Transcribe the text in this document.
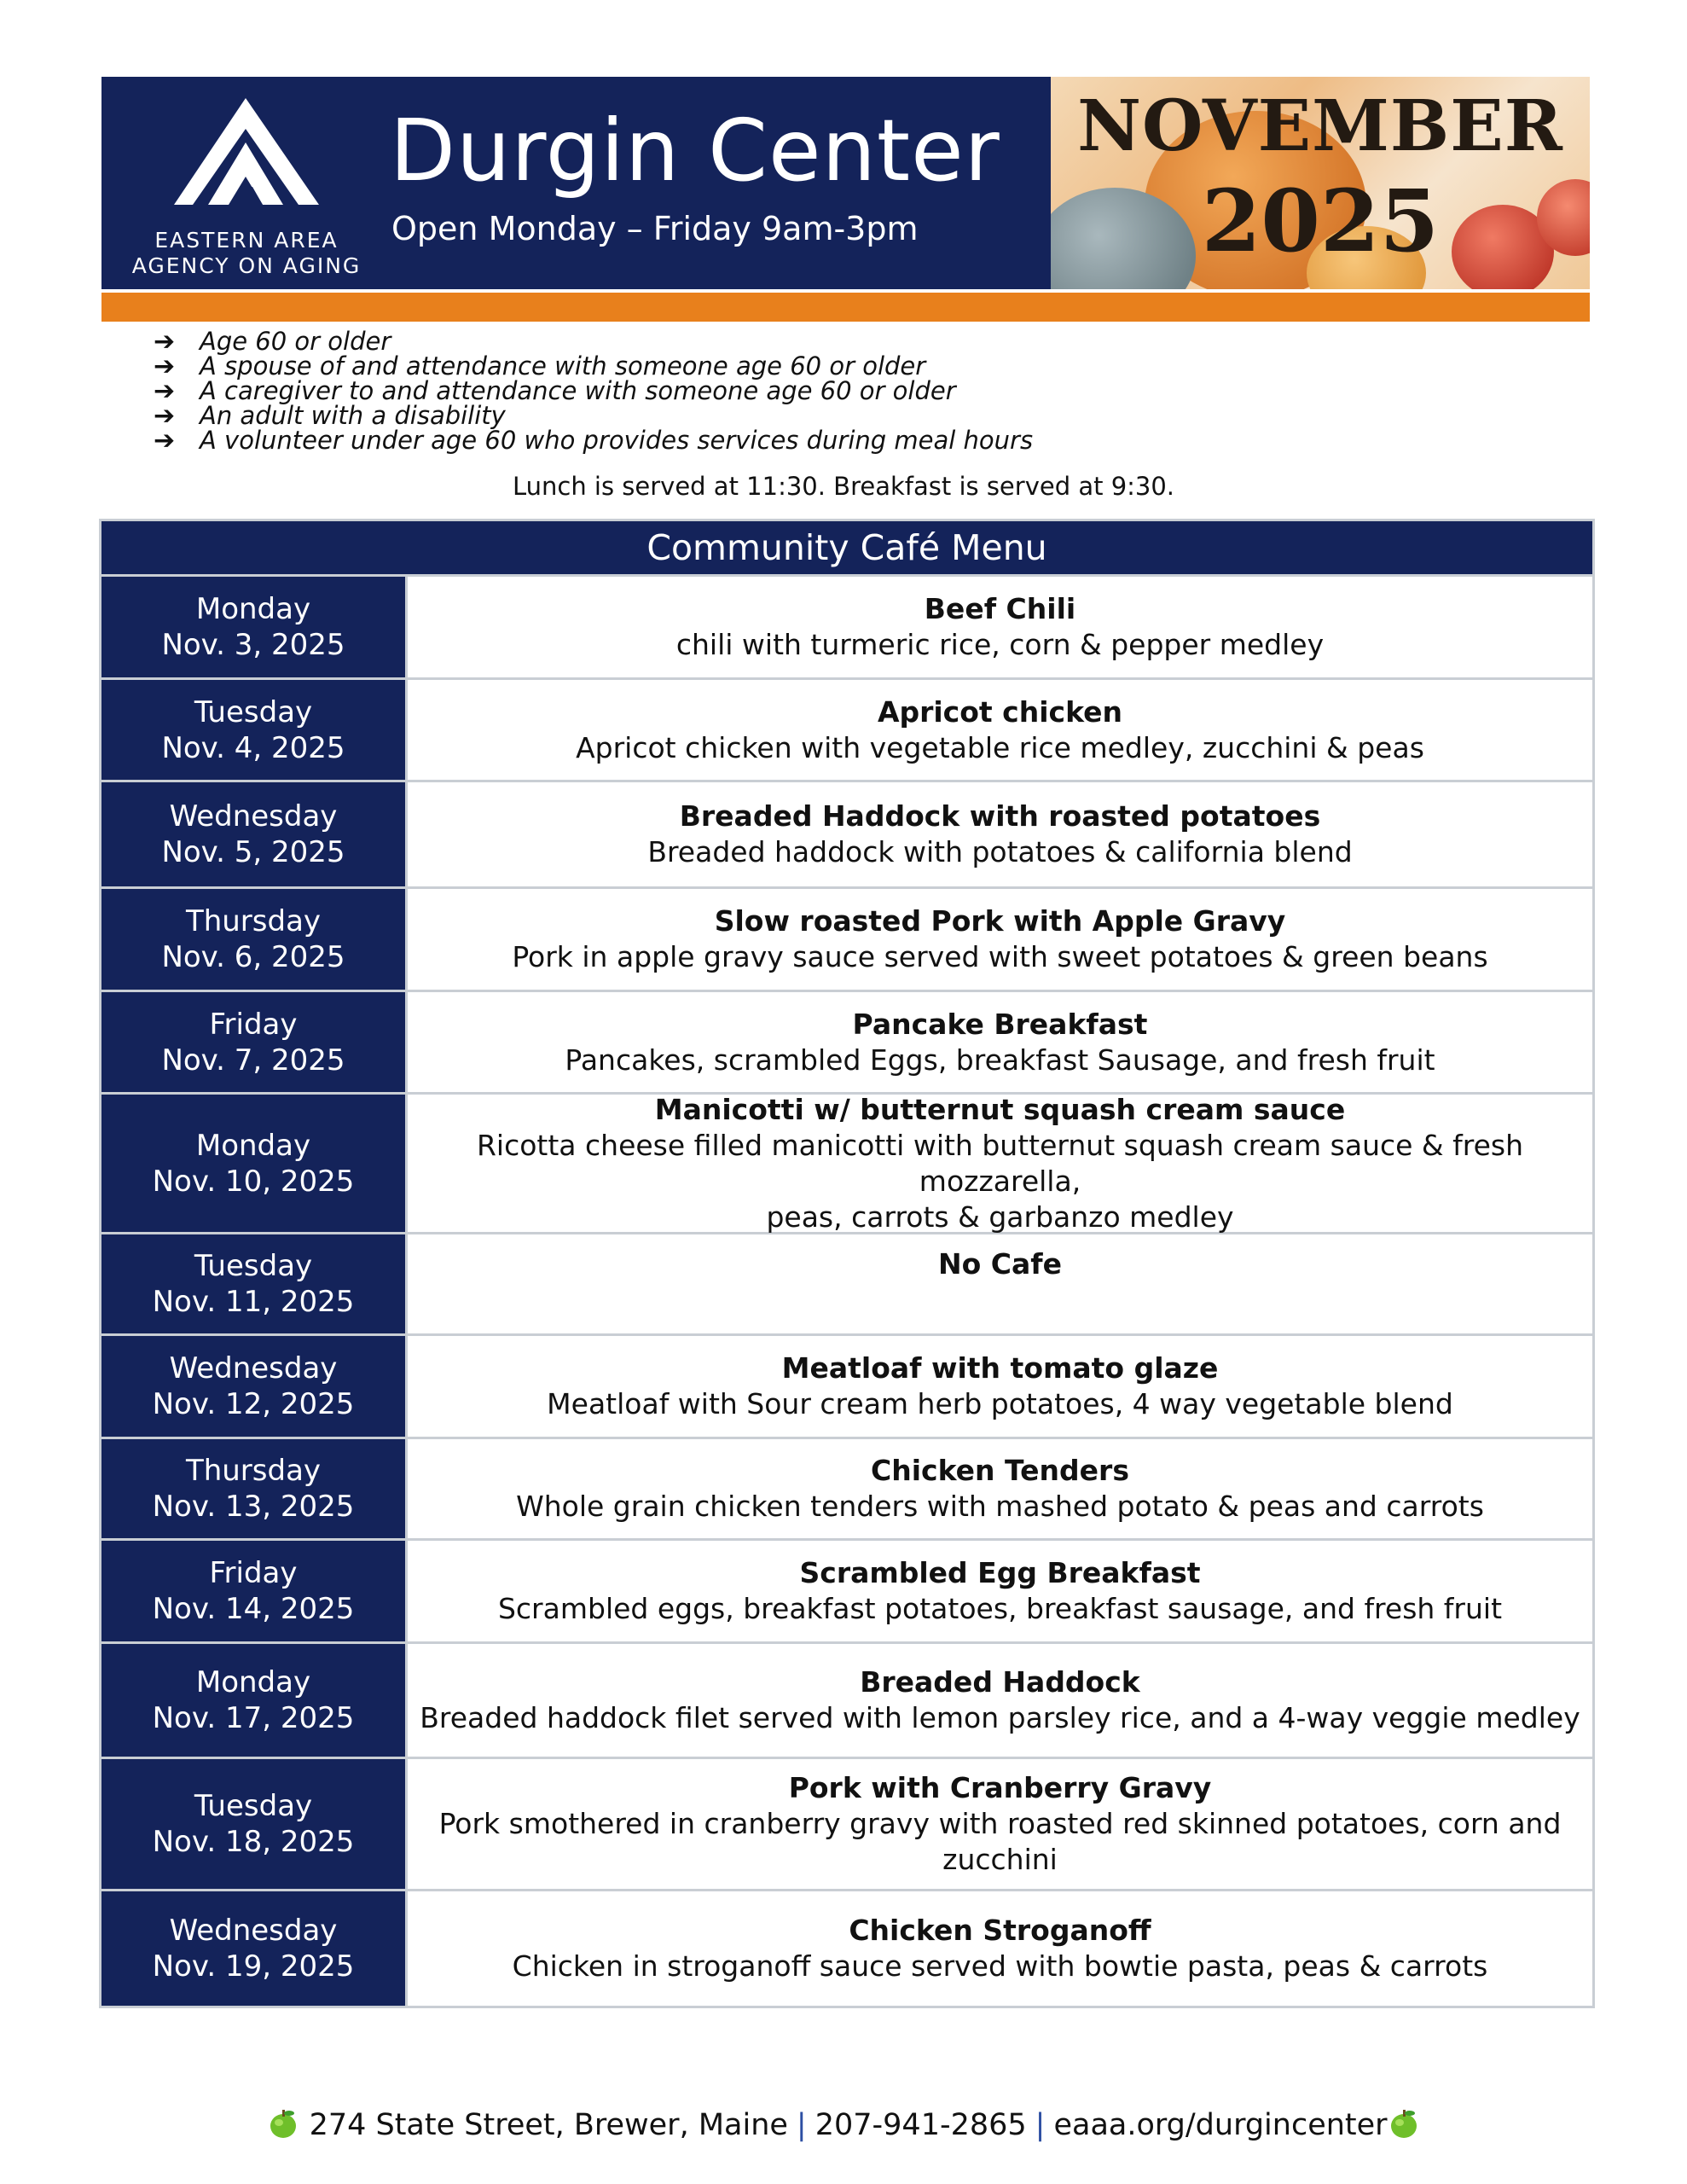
EASTERN AREA
AGENCY ON AGING
Durgin Center
Open Monday – Friday 9am-3pm
NOVEMBER
2025
➔ Age 60 or older
➔ A spouse of and attendance with someone age 60 or older
➔ A caregiver to and attendance with someone age 60 or older
➔ An adult with a disability
➔ A volunteer under age 60 who provides services during meal hours
Lunch is served at 11:30. Breakfast is served at 9:30.
Community Café Menu
Monday
Nov. 3, 2025
Beef Chili
chili with turmeric rice, corn & pepper medley
Tuesday
Nov. 4, 2025
Apricot chicken
Apricot chicken with vegetable rice medley, zucchini & peas
Wednesday
Nov. 5, 2025
Breaded Haddock with roasted potatoes
Breaded haddock with potatoes & california blend
Thursday
Nov. 6, 2025
Slow roasted Pork with Apple Gravy
Pork in apple gravy sauce served with sweet potatoes & green beans
Friday
Nov. 7, 2025
Pancake Breakfast
Pancakes, scrambled Eggs, breakfast Sausage, and fresh fruit
Monday
Nov. 10, 2025
Manicotti w/ butternut squash cream sauce
Ricotta cheese filled manicotti with butternut squash cream sauce & fresh mozzarella,
peas, carrots & garbanzo medley
Tuesday
Nov. 11, 2025
No Cafe
Wednesday
Nov. 12, 2025
Meatloaf with tomato glaze
Meatloaf with Sour cream herb potatoes, 4 way vegetable blend
Thursday
Nov. 13, 2025
Chicken Tenders
Whole grain chicken tenders with mashed potato & peas and carrots
Friday
Nov. 14, 2025
Scrambled Egg Breakfast
Scrambled eggs, breakfast potatoes, breakfast sausage, and fresh fruit
Monday
Nov. 17, 2025
Breaded Haddock
Breaded haddock filet served with lemon parsley rice, and a 4-way veggie medley
Tuesday
Nov. 18, 2025
Pork with Cranberry Gravy
Pork smothered in cranberry gravy with roasted red skinned potatoes, corn and zucchini
Wednesday
Nov. 19, 2025
Chicken Stroganoff
Chicken in stroganoff sauce served with bowtie pasta, peas & carrots
274 State Street, Brewer, Maine | 207-941-2865 | eaaa.org/durgincenter
